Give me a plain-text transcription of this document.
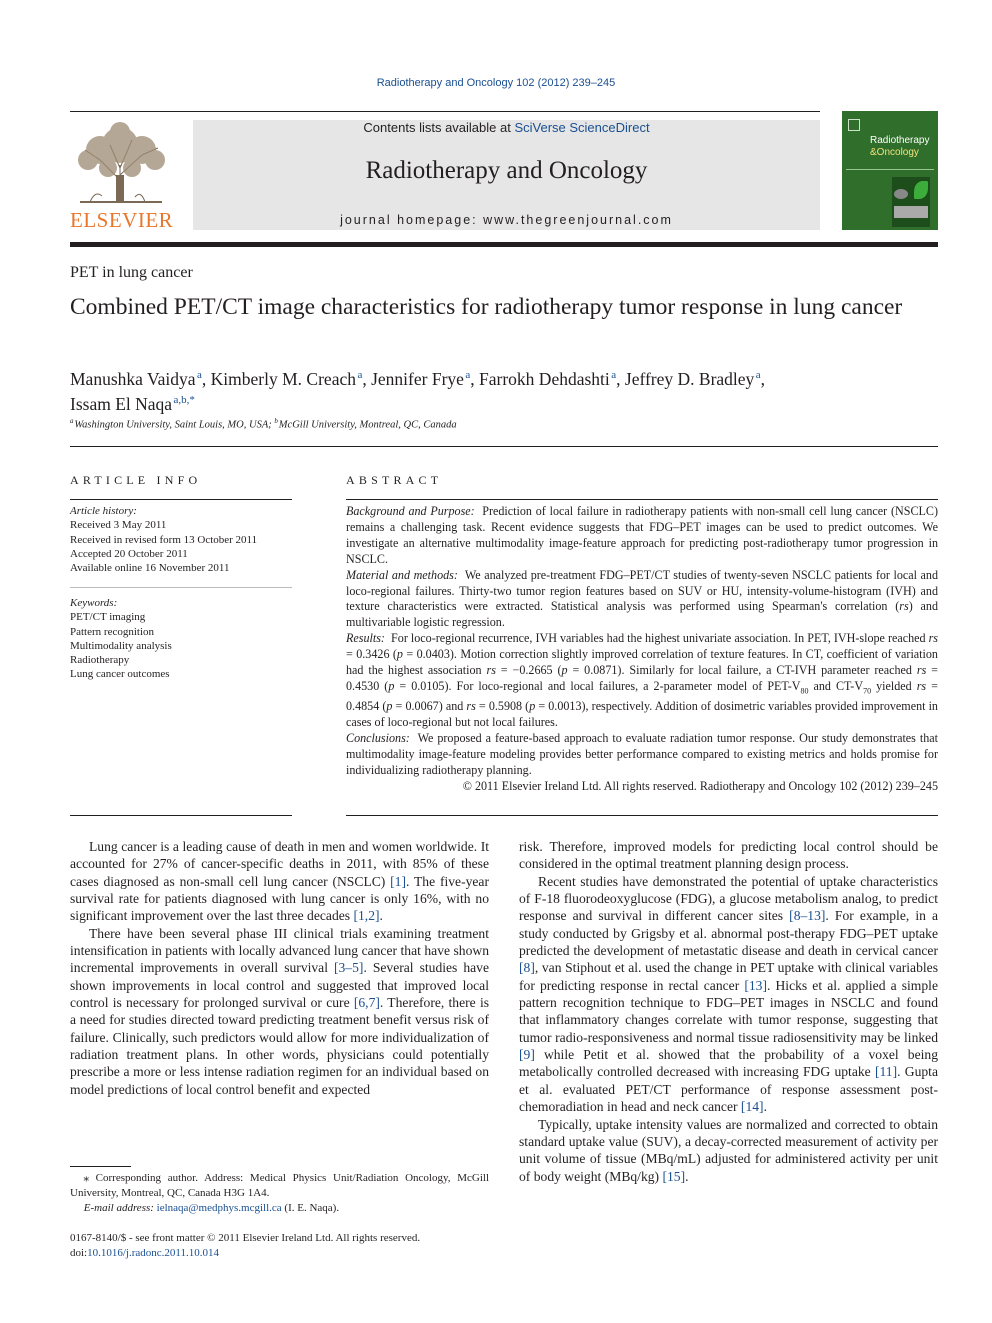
Radiotherapy and Oncology 102 (2012) 239–245
ELSEVIER
Contents lists available at SciVerse ScienceDirect
Radiotherapy and Oncology
journal homepage: www.thegreenjournal.com
Radiotherapy
&Oncology
PET in lung cancer
Combined PET/CT image characteristics for radiotherapy tumor response in lung cancer
Manushka Vaidya $^a$, Kimberly M. Creach $^a$, Jennifer Frye $^a$, Farrokh Dehdashti $^a$, Jeffrey D. Bradley $^a$,
Issam El Naqa $^{a,b,*}$
$^a$ Washington University, Saint Louis, MO, USA; $^b$ McGill University, Montreal, QC, Canada
ARTICLE INFO
Article history:
Received 3 May 2011
Received in revised form 13 October 2011
Accepted 20 October 2011
Available online 16 November 2011
Keywords:
PET/CT imaging
Pattern recognition
Multimodality analysis
Radiotherapy
Lung cancer outcomes
ABSTRACT

Background and Purpose: Prediction of local failure in radiotherapy patients with non-small cell lung cancer (NSCLC) remains a challenging task. Recent evidence suggests that FDG–PET images can be used to predict outcomes. We investigate an alternative multimodality image-feature approach for predicting post-radiotherapy tumor progression in NSCLC.

Material and methods: We analyzed pre-treatment FDG–PET/CT studies of twenty-seven NSCLC patients for local and loco-regional failures. Thirty-two tumor region features based on SUV or HU, intensity-volume-histogram (IVH) and texture characteristics were extracted. Statistical analysis was performed using Spearman's correlation (rs) and multivariable logistic regression.

Results: For loco-regional recurrence, IVH variables had the highest univariate association. In PET, IVH-slope reached rs = 0.3426 (p = 0.0403). Motion correction slightly improved correlation of texture features. In CT, coefficient of variation had the highest association rs = −0.2665 (p = 0.0871). Similarly for local failure, a CT-IVH parameter reached rs = 0.4530 (p = 0.0105). For loco-regional and local failures, a 2-parameter model of PET-$V_{80}$ and $CT-V_{70}$ yielded rs = 0.4854 (p = 0.0067) and rs = 0.5908 (p = 0.0013), respectively. Addition of dosimetric variables provided improvement in cases of loco-regional but not local failures.

Conclusions: We proposed a feature-based approach to evaluate radiation tumor response. Our study demonstrates that multimodality image-feature modeling provides better performance compared to existing metrics and holds promise for individualizing radiotherapy planning.

© 2011 Elsevier Ireland Ltd. All rights reserved. Radiotherapy and Oncology 102 (2012) 239–245

Lung cancer is a leading cause of death in men and women worldwide. It accounted for 27% of cancer-specific deaths in 2011, with 85% of these cases diagnosed as non-small cell lung cancer (NSCLC) [1]. The five-year survival rate for patients diagnosed with lung cancer is only 16%, with no significant improvement over the last three decades [1,2].

There have been several phase III clinical trials examining treatment intensification in patients with locally advanced lung cancer that have shown incremental improvements in overall survival [3–5]. Several studies have shown improvements in local control and suggested that improved local control is necessary for prolonged survival or cure [6,7]. Therefore, there is a need for studies directed toward predicting treatment benefit versus risk of failure. Clinically, such predictors would allow for more individualization of radiation treatment plans. In other words, physicians could potentially prescribe a more or less intense radiation regimen for an individual based on model predictions of local control benefit and expected

risk. Therefore, improved models for predicting local control should be considered in the optimal treatment planning design process.

Recent studies have demonstrated the potential of uptake characteristics of F-18 fluorodeoxyglucose (FDG), a glucose metabolism analog, to predict response and survival in different cancer sites [8–13]. For example, in a study conducted by Grigsby et al. abnormal post-therapy FDG–PET uptake predicted the development of metastatic disease and death in cervical cancer [8], van Stiphout et al. used the change in PET uptake with clinical variables for predicting response in rectal cancer [13]. Hicks et al. applied a simple pattern recognition technique to FDG–PET images in NSCLC and found that inflammatory changes correlate with tumor response, suggesting that tumor radio-responsiveness and normal tissue radiosensitivity may be linked [9] while Petit et al. showed that the probability of a voxel being metabolically controlled decreased with increasing FDG uptake [11]. Gupta et al. evaluated PET/CT performance of response assessment post-chemoradiation in head and neck cancer [14].

Typically, uptake intensity values are normalized and corrected to obtain standard uptake value (SUV), a decay-corrected measurement of activity per unit volume of tissue (MBq/mL) adjusted for administered activity per unit of body weight (MBq/kg) [15].

⁎ Corresponding author. Address: Medical Physics Unit/Radiation Oncology, McGill University, Montreal, QC, Canada H3G 1A4.

E-mail address: ielnaqa@medphys.mcgill.ca (I. E. Naqa).

0167-8140/$ - see front matter © 2011 Elsevier Ireland Ltd. All rights reserved.
doi:10.1016/j.radonc.2011.10.014
